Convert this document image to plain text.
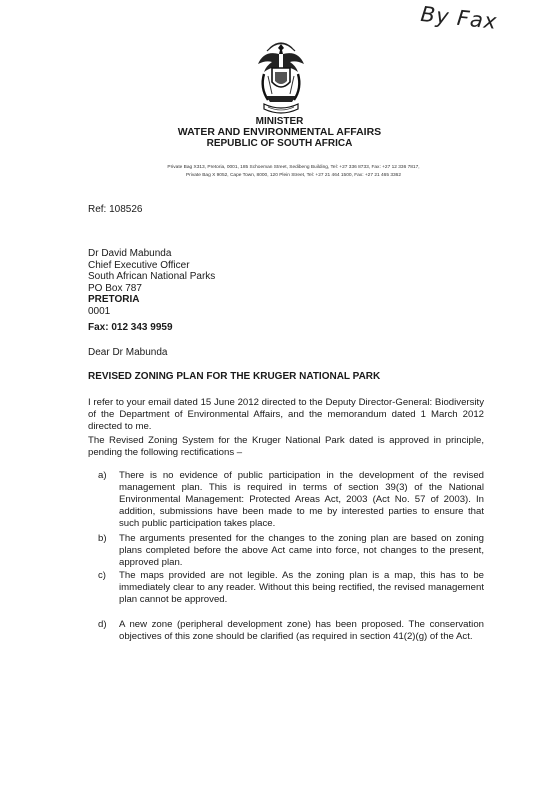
By Fax
MINISTER
WATER AND ENVIRONMENTAL AFFAIRS
REPUBLIC OF SOUTH AFRICA
Private Bag X313, Pretoria, 0001, 185 Schoeman Street, Sedibeng Building, Tel: +27 336 8733, Fax: +27 12 336 7817,
Private Bag X 9052, Cape Town, 8000, 120 Plein Street, Tel: +27 21 464 1500, Fax: +27 21 465 3362
Ref: 108526
Dr David Mabunda
Chief Executive Officer
South African National Parks
PO Box 787
PRETORIA
0001
Fax: 012 343 9959
Dear Dr Mabunda
REVISED ZONING PLAN FOR THE KRUGER NATIONAL PARK
I refer to your email dated 15 June 2012 directed to the Deputy Director-General: Biodiversity of the Department of Environmental Affairs, and the memorandum dated 1 March 2012 directed to me.
The Revised Zoning System for the Kruger National Park dated is approved in principle, pending the following rectifications –
a)	There is no evidence of public participation in the development of the revised management plan. This is required in terms of section 39(3) of the National Environmental Management: Protected Areas Act, 2003 (Act No. 57 of 2003). In addition, submissions have been made to me by interested parties to ensure that such public participation takes place.
b)	The arguments presented for the changes to the zoning plan are based on zoning plans completed before the above Act came into force, not changes to the present, approved plan.
c)	The maps provided are not legible. As the zoning plan is a map, this has to be immediately clear to any reader. Without this being rectified, the revised management plan cannot be approved.
d)	A new zone (peripheral development zone) has been proposed. The conservation objectives of this zone should be clarified (as required in section 41(2)(g) of the Act.
